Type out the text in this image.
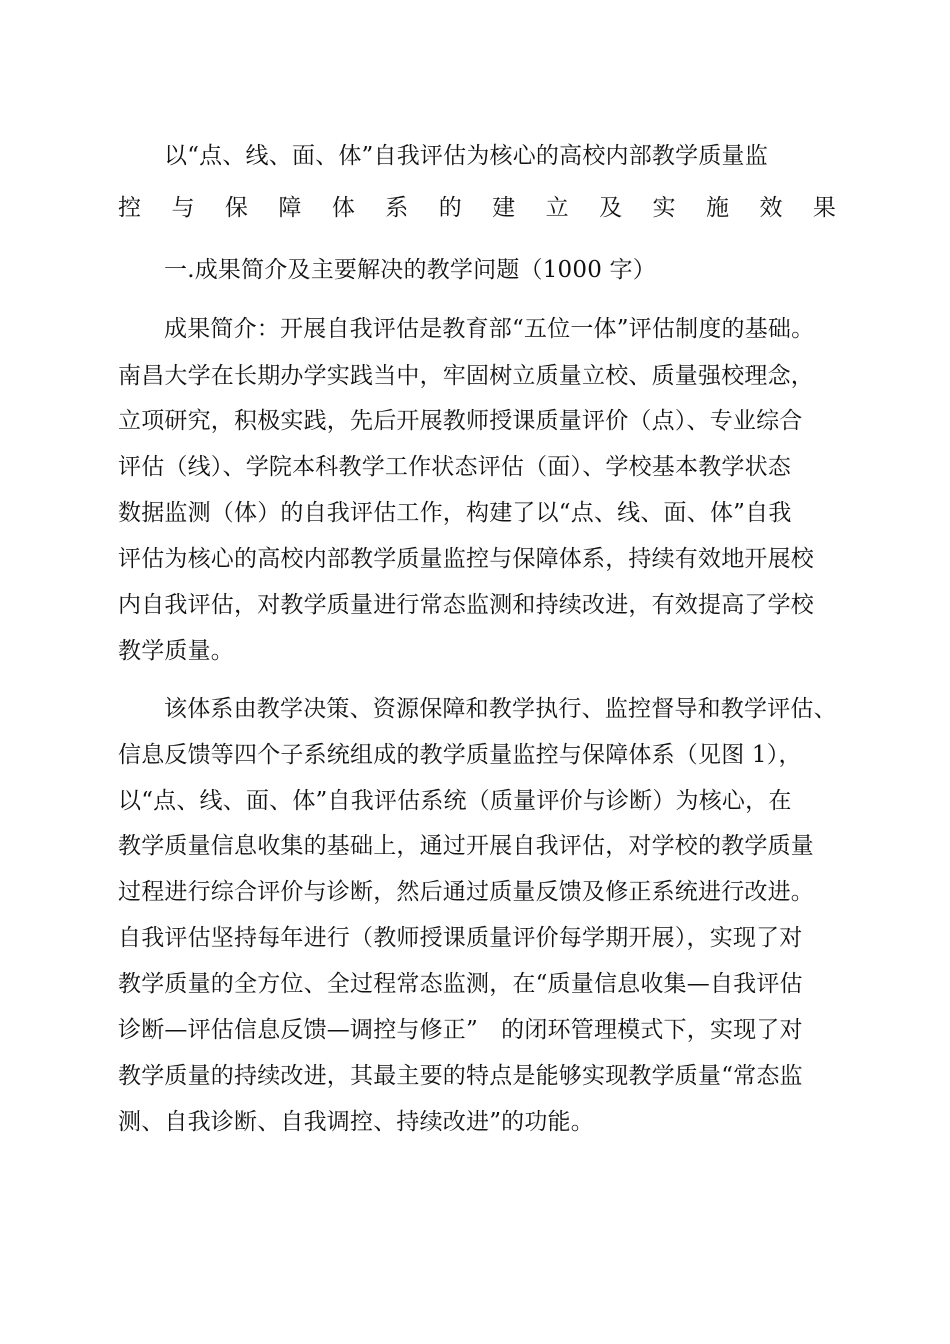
以“点、线、面、体”自我评估为核心的高校内部教学质量监
控 与 保 障 体 系 的 建 立 及 实 施 效 果
一.成果简介及主要解决的教学问题（1000 字）
成果简介：开展自我评估是教育部“五位一体”评估制度的基础。
南昌大学在长期办学实践当中，牢固树立质量立校、质量强校理念，
立项研究，积极实践，先后开展教师授课质量评价（点）、专业综合
评估（线）、学院本科教学工作状态评估（面）、学校基本教学状态
数据监测（体）的自我评估工作，构建了以“点、线、面、体”自我
评估为核心的高校内部教学质量监控与保障体系，持续有效地开展校
内自我评估，对教学质量进行常态监测和持续改进，有效提高了学校
教学质量。
该体系由教学决策、资源保障和教学执行、监控督导和教学评估、
信息反馈等四个子系统组成的教学质量监控与保障体系（见图 1），
以“点、线、面、体”自我评估系统（质量评价与诊断）为核心，在
教学质量信息收集的基础上，通过开展自我评估，对学校的教学质量
过程进行综合评价与诊断，然后通过质量反馈及修正系统进行改进。
自我评估坚持每年进行（教师授课质量评价每学期开展），实现了对
教学质量的全方位、全过程常态监测，在“质量信息收集—自我评估
诊断—评估信息反馈—调控与修正”　的闭环管理模式下，实现了对
教学质量的持续改进，其最主要的特点是能够实现教学质量“常态监
测、自我诊断、自我调控、持续改进”的功能。
